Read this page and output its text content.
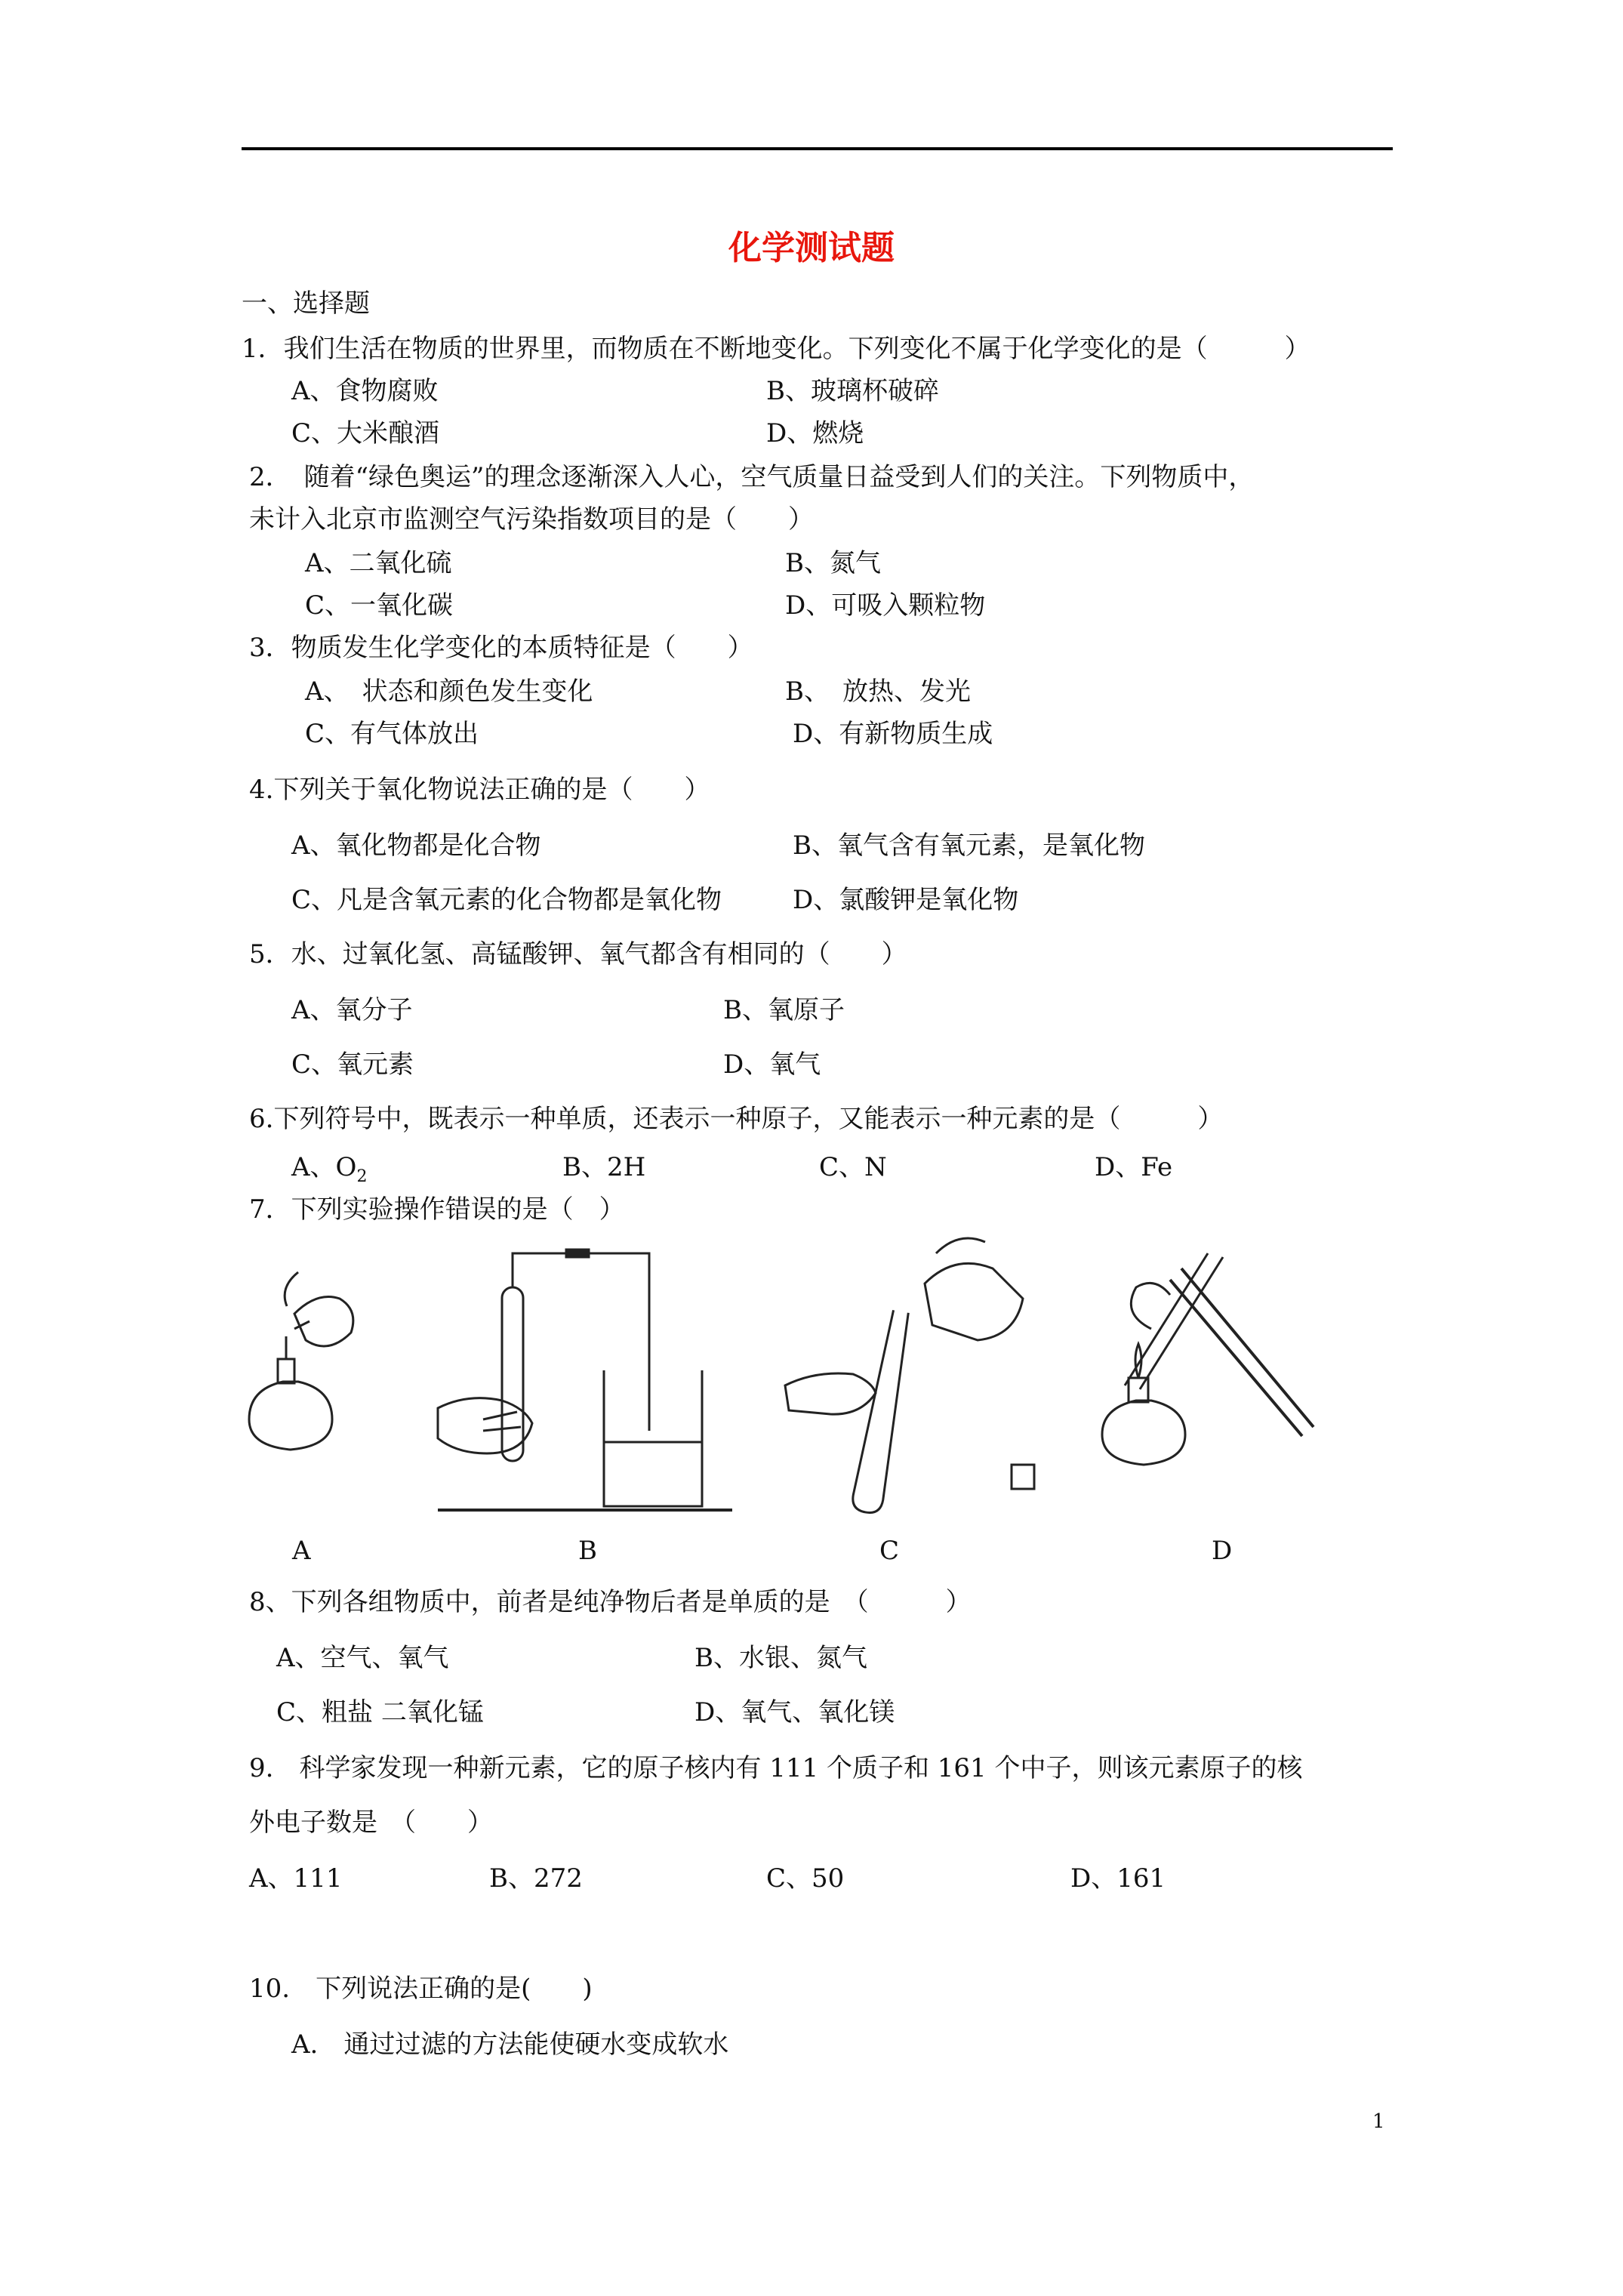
化学测试题
一、选择题
1．我们生活在物质的世界里，而物质在不断地变化。下列变化不属于化学变化的是（　　　）
A、食物腐败	B、玻璃杯破碎
C、大米酿酒	D、燃烧
2．　随着“绿色奥运”的理念逐渐深入人心，空气质量日益受到人们的关注。下列物质中，
未计入北京市监测空气污染指数项目的是（　　）
A、二氧化硫	B、氮气
C、一氧化碳	D、可吸入颗粒物
3．物质发生化学变化的本质特征是（　　）
A、　状态和颜色发生变化	B、　放热、发光
C、有气体放出	D、有新物质生成
4.下列关于氧化物说法正确的是（　　）
A、氧化物都是化合物	B、氧气含有氧元素，是氧化物
C、凡是含氧元素的化合物都是氧化物	D、氯酸钾是氧化物
5．水、过氧化氢、高锰酸钾、氧气都含有相同的（　　）
A、氧分子	B、氧原子
C、氧元素	D、氧气
6.下列符号中，既表示一种单质，还表示一种原子，又能表示一种元素的是（　　　）
A、$O_2$	B、2H	C、N	D、Fe
7．下列实验操作错误的是（　）
A	B	C	D
8、下列各组物质中，前者是纯净物后者是单质的是　（　　　）
A、空气、氧气	B、水银、氮气
C、粗盐 二氧化锰	D、氧气、氧化镁
9.　科学家发现一种新元素，它的原子核内有 111 个质子和 161 个中子，则该元素原子的核
外电子数是　（　　）
A、111	B、272	C、50	D、161
10.　下列说法正确的是(　　)
A.　通过过滤的方法能使硬水变成软水
1
